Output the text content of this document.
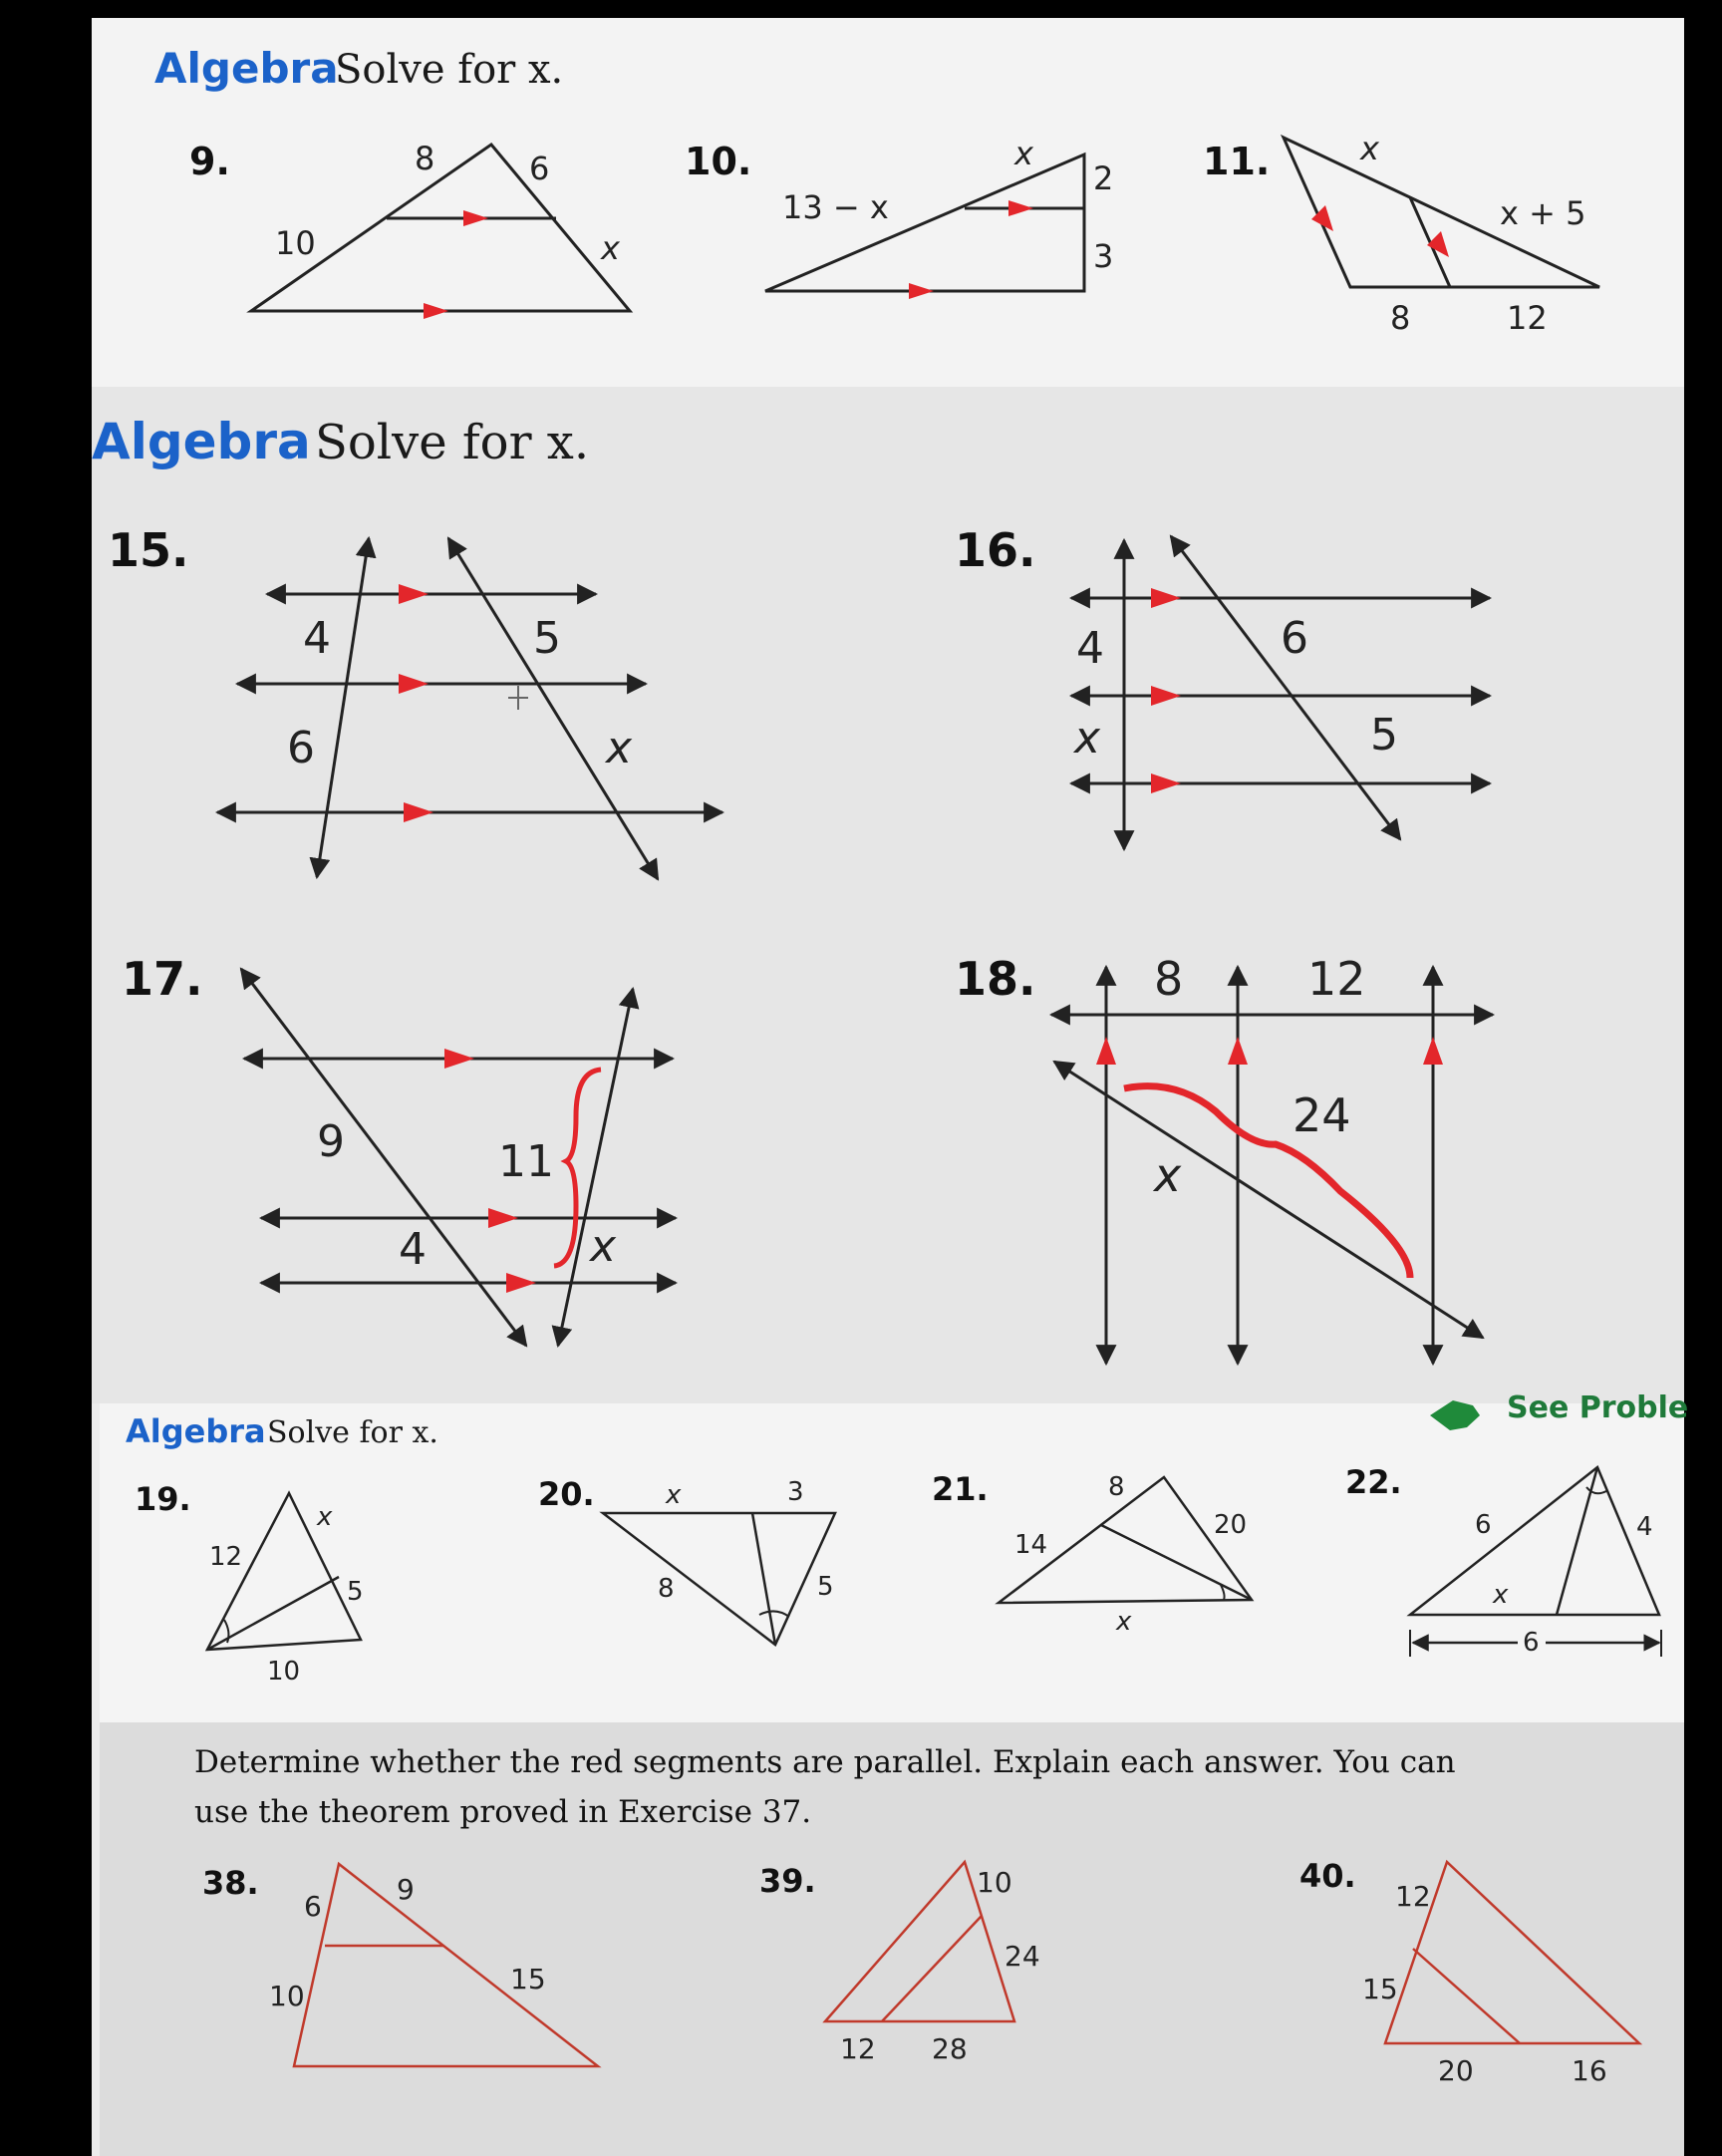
Algebra
Solve for x.
9.	8	6
10	x
10.	x
2
13 − x
3
11.	x
x + 5
8	12
Algebra Solve for x.
15.
4	5
6	x
16.
4	6
x	5
17.
9	11
4	x
18.	8	12
24
x
Algebra Solve for x.
See Proble
19.	x
12
5
10
20.	x	3
8	5
21.	8
14
20
x
22.
6	4
x
6
Determine whether the red segments are parallel. Explain each answer. You can
use the theorem proved in Exercise 37.
38.
6
9
15
10
39.	10
24
12 28
40.
12
15
20	16
